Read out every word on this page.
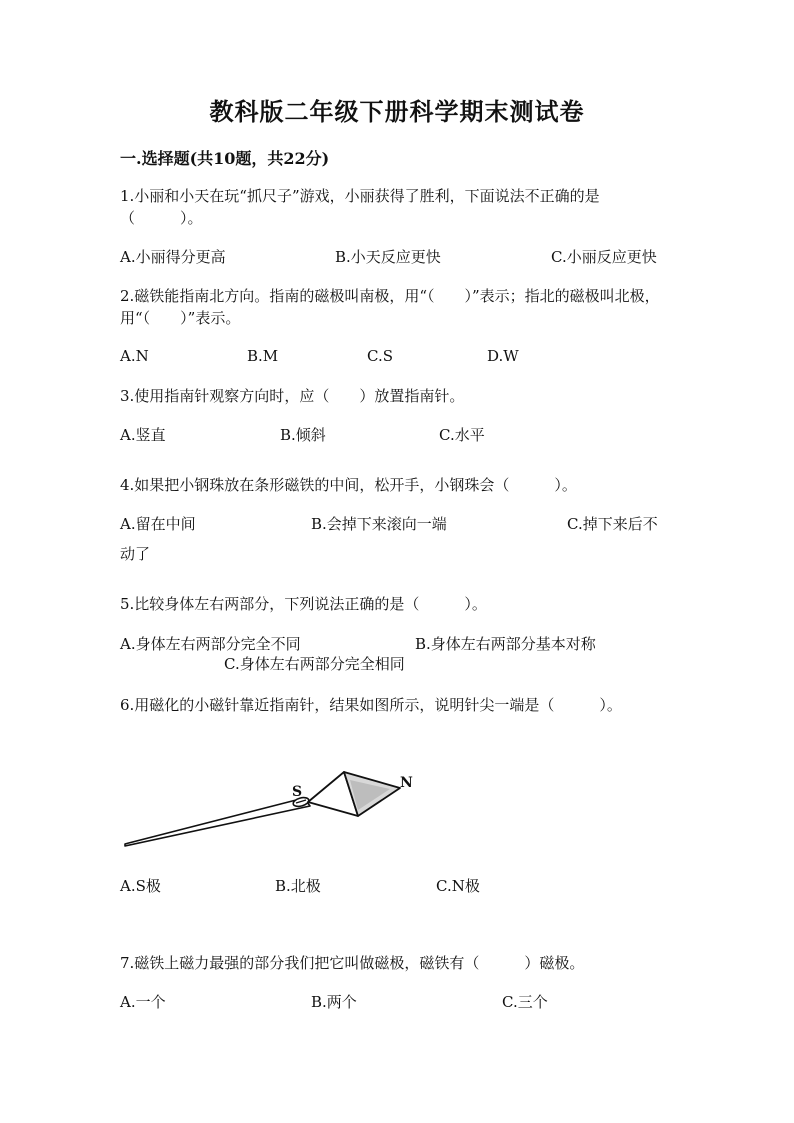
教科版二年级下册科学期末测试卷
一.选择题(共10题，共22分)
1.小丽和小天在玩“抓尺子”游戏，小丽获得了胜利，下面说法不正确的是（　　　）。
A.小丽得分更高	B.小天反应更快	C.小丽反应更快
2.磁铁能指南北方向。指南的磁极叫南极，用“（　　）”表示；指北的磁极叫北极，用“（　　）”表示。
A.N	B.M	C.S	D.W
3.使用指南针观察方向时，应（　　）放置指南针。
A.竖直	B.倾斜	C.水平
4.如果把小钢珠放在条形磁铁的中间，松开手，小钢珠会（　　　）。
A.留在中间	B.会掉下来滚向一端	C.掉下来后不
动了
5.比较身体左右两部分，下列说法正确的是（　　　）。
A.身体左右两部分完全不同	B.身体左右两部分基本对称
C.身体左右两部分完全相同
6.用磁化的小磁针靠近指南针，结果如图所示，说明针尖一端是（　　　）。
S
N
A.S极	B.北极	C.N极
7.磁铁上磁力最强的部分我们把它叫做磁极，磁铁有（　　　）磁极。
A.一个	B.两个	C.三个
